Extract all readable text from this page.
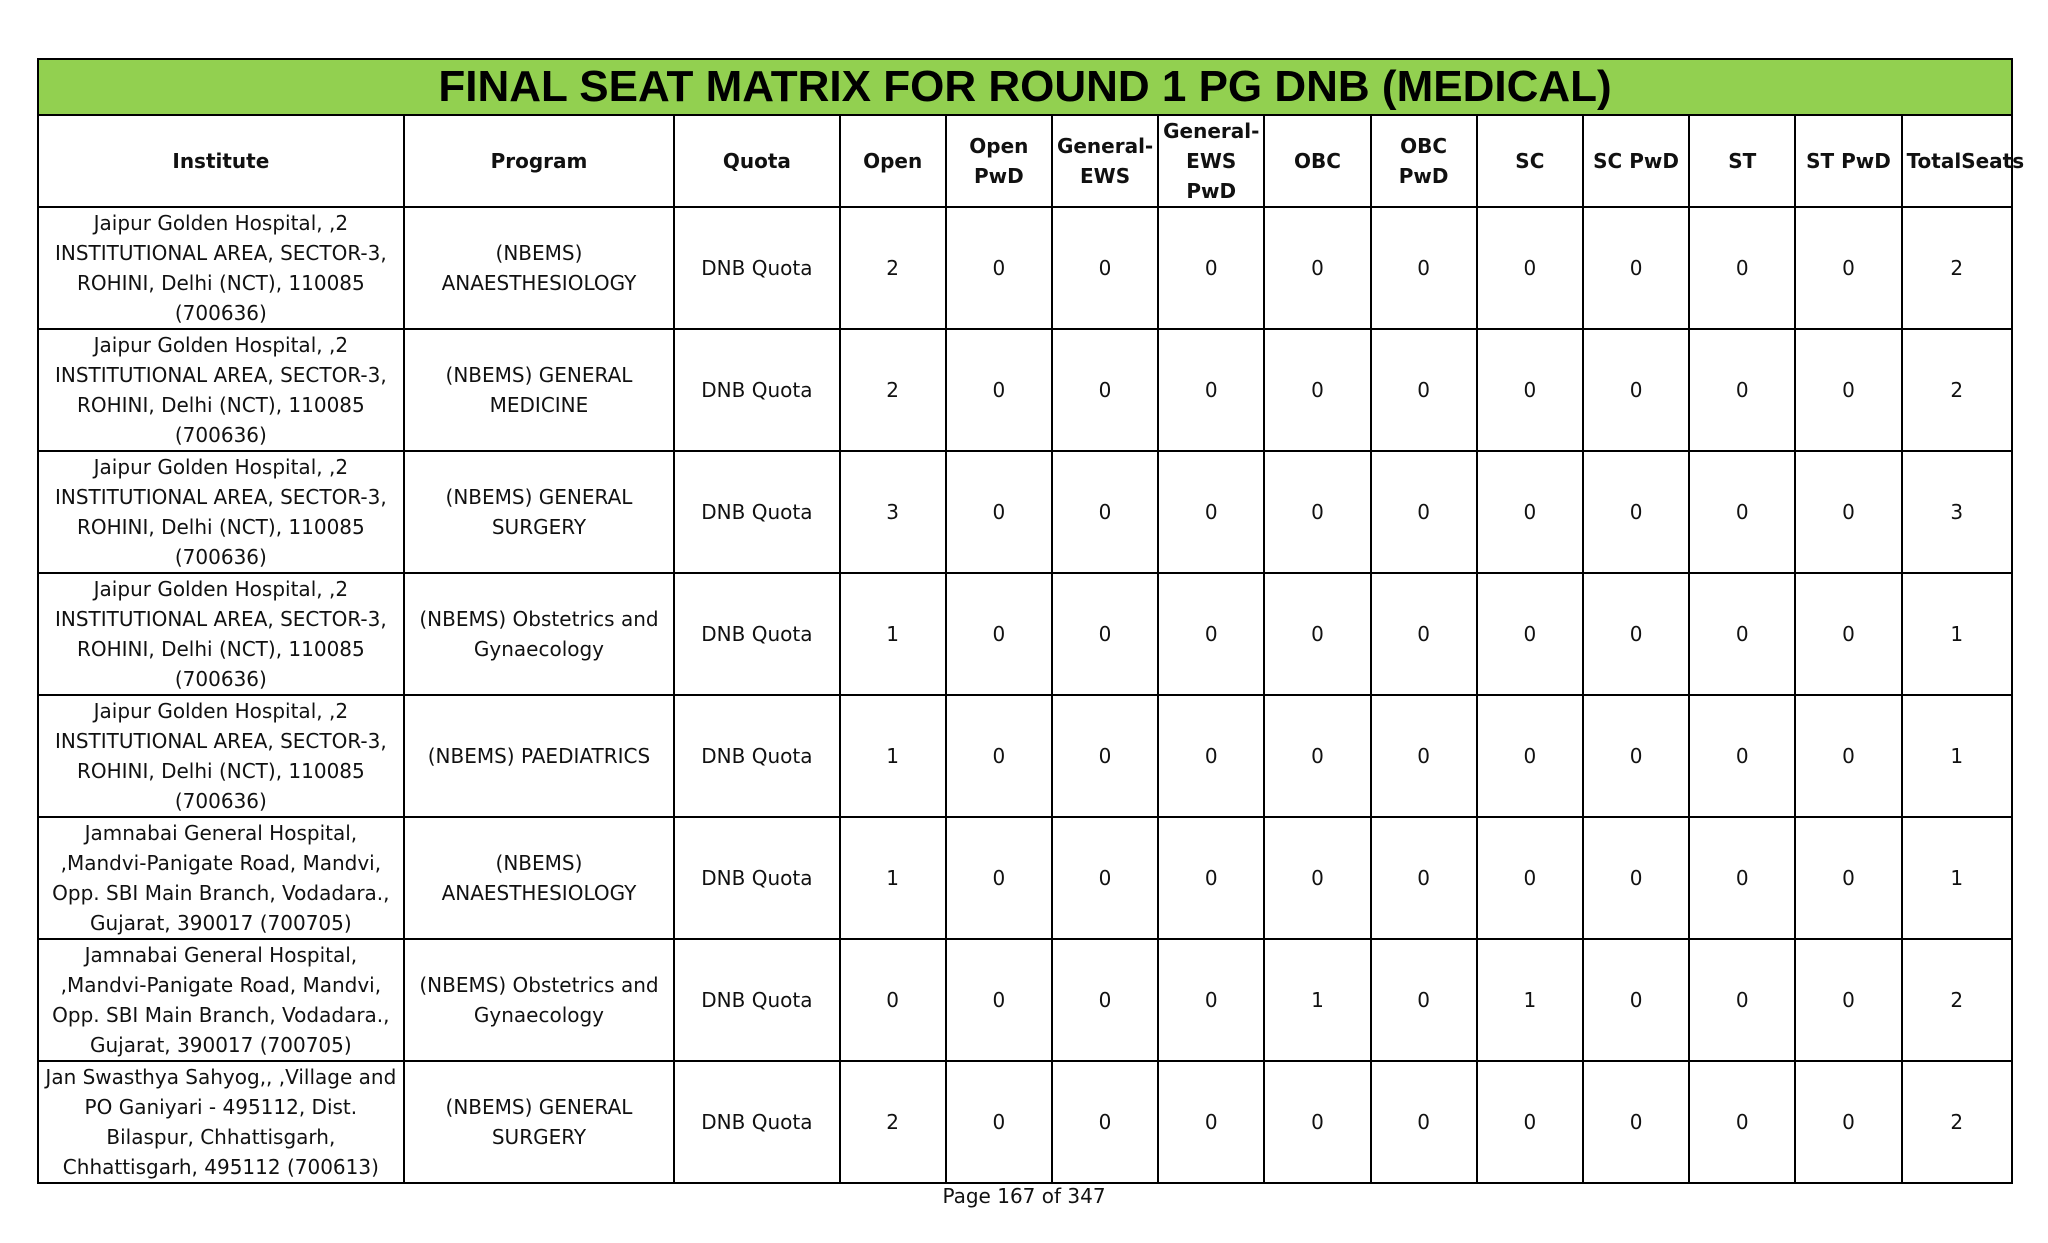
FINAL SEAT MATRIX FOR ROUND 1 PG DNB (MEDICAL)													
Institute	Program	Quota	Open	Open PwD	General-EWS	General-EWS PwD	OBC	OBC PwD	SC	SC PwD	ST	ST PwD	TotalSeats
Jaipur Golden Hospital, ,2 INSTITUTIONAL AREA, SECTOR-3, ROHINI, Delhi (NCT), 110085 (700636)	(NBEMS) ANAESTHESIOLOGY	DNB Quota	2	0	0	0	0	0	0	0	0	0	2
Jaipur Golden Hospital, ,2 INSTITUTIONAL AREA, SECTOR-3, ROHINI, Delhi (NCT), 110085 (700636)	(NBEMS) GENERAL MEDICINE	DNB Quota	2	0	0	0	0	0	0	0	0	0	2
Jaipur Golden Hospital, ,2 INSTITUTIONAL AREA, SECTOR-3, ROHINI, Delhi (NCT), 110085 (700636)	(NBEMS) GENERAL SURGERY	DNB Quota	3	0	0	0	0	0	0	0	0	0	3
Jaipur Golden Hospital, ,2 INSTITUTIONAL AREA, SECTOR-3, ROHINI, Delhi (NCT), 110085 (700636)	(NBEMS) Obstetrics and Gynaecology	DNB Quota	1	0	0	0	0	0	0	0	0	0	1
Jaipur Golden Hospital, ,2 INSTITUTIONAL AREA, SECTOR-3, ROHINI, Delhi (NCT), 110085 (700636)	(NBEMS) PAEDIATRICS	DNB Quota	1	0	0	0	0	0	0	0	0	0	1
Jamnabai General Hospital, ,Mandvi-Panigate Road, Mandvi, Opp. SBI Main Branch, Vodadara., Gujarat, 390017 (700705)	(NBEMS) ANAESTHESIOLOGY	DNB Quota	1	0	0	0	0	0	0	0	0	0	1
Jamnabai General Hospital, ,Mandvi-Panigate Road, Mandvi, Opp. SBI Main Branch, Vodadara., Gujarat, 390017 (700705)	(NBEMS) Obstetrics and Gynaecology	DNB Quota	0	0	0	0	1	0	1	0	0	0	2
Jan Swasthya Sahyog,, ,Village and PO Ganiyari - 495112, Dist. Bilaspur, Chhattisgarh, Chhattisgarh, 495112 (700613)	(NBEMS) GENERAL SURGERY	DNB Quota	2	0	0	0	0	0	0	0	0	0	2
Page 167 of 347
